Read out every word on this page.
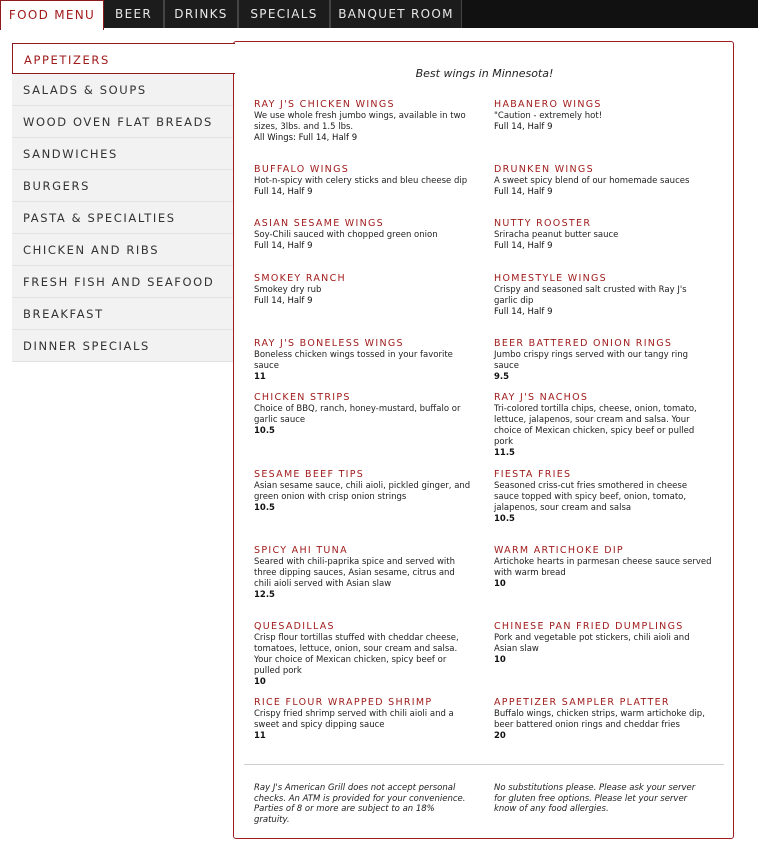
BEER	DRINKS	SPECIALS	BANQUET ROOM
FOOD MENU
APPETIZERS
SALADS & SOUPS
WOOD OVEN FLAT BREADS
SANDWICHES
BURGERS
PASTA & SPECIALTIES
CHICKEN AND RIBS
FRESH FISH AND SEAFOOD
BREAKFAST
DINNER SPECIALS
Best wings in Minnesota!
RAY J'S CHICKEN WINGS
We use whole fresh jumbo wings, available in two sizes, 3lbs. and 1.5 lbs.
All Wings: Full 14, Half 9
HABANERO WINGS
"Caution - extremely hot!
Full 14, Half 9
BUFFALO WINGS
Hot-n-spicy with celery sticks and bleu cheese dip
Full 14, Half 9
DRUNKEN WINGS
A sweet spicy blend of our homemade sauces
Full 14, Half 9
ASIAN SESAME WINGS
Soy-Chili sauced with chopped green onion
Full 14, Half 9
NUTTY ROOSTER
Sriracha peanut butter sauce
Full 14, Half 9
SMOKEY RANCH
Smokey dry rub
Full 14, Half 9
HOMESTYLE WINGS
Crispy and seasoned salt crusted with Ray J's garlic dip
Full 14, Half 9
RAY J'S BONELESS WINGS
Boneless chicken wings tossed in your favorite sauce
11
BEER BATTERED ONION RINGS
Jumbo crispy rings served with our tangy ring sauce
9.5
CHICKEN STRIPS
Choice of BBQ, ranch, honey-mustard, buffalo or garlic sauce
10.5
RAY J'S NACHOS
Tri-colored tortilla chips, cheese, onion, tomato, lettuce, jalapenos, sour cream and salsa. Your choice of Mexican chicken, spicy beef or pulled pork
11.5
SESAME BEEF TIPS
Asian sesame sauce, chili aioli, pickled ginger, and green onion with crisp onion strings
10.5
FIESTA FRIES
Seasoned criss-cut fries smothered in cheese sauce topped with spicy beef, onion, tomato, jalapenos, sour cream and salsa
10.5
SPICY AHI TUNA
Seared with chili-paprika spice and served with three dipping sauces, Asian sesame, citrus and chili aioli served with Asian slaw
12.5
WARM ARTICHOKE DIP
Artichoke hearts in parmesan cheese sauce served with warm bread
10
QUESADILLAS
Crisp flour tortillas stuffed with cheddar cheese, tomatoes, lettuce, onion, sour cream and salsa. Your choice of Mexican chicken, spicy beef or pulled pork
10
CHINESE PAN FRIED DUMPLINGS
Pork and vegetable pot stickers, chili aioli and Asian slaw
10
RICE FLOUR WRAPPED SHRIMP
Crispy fried shrimp served with chili aioli and a sweet and spicy dipping sauce
11
APPETIZER SAMPLER PLATTER
Buffalo wings, chicken strips, warm artichoke dip, beer battered onion rings and cheddar fries
20
Ray J's American Grill does not accept personal checks. An ATM is provided for your convenience. Parties of 8 or more are subject to an 18% gratuity.
No substitutions please. Please ask your server for gluten free options. Please let your server know of any food allergies.
